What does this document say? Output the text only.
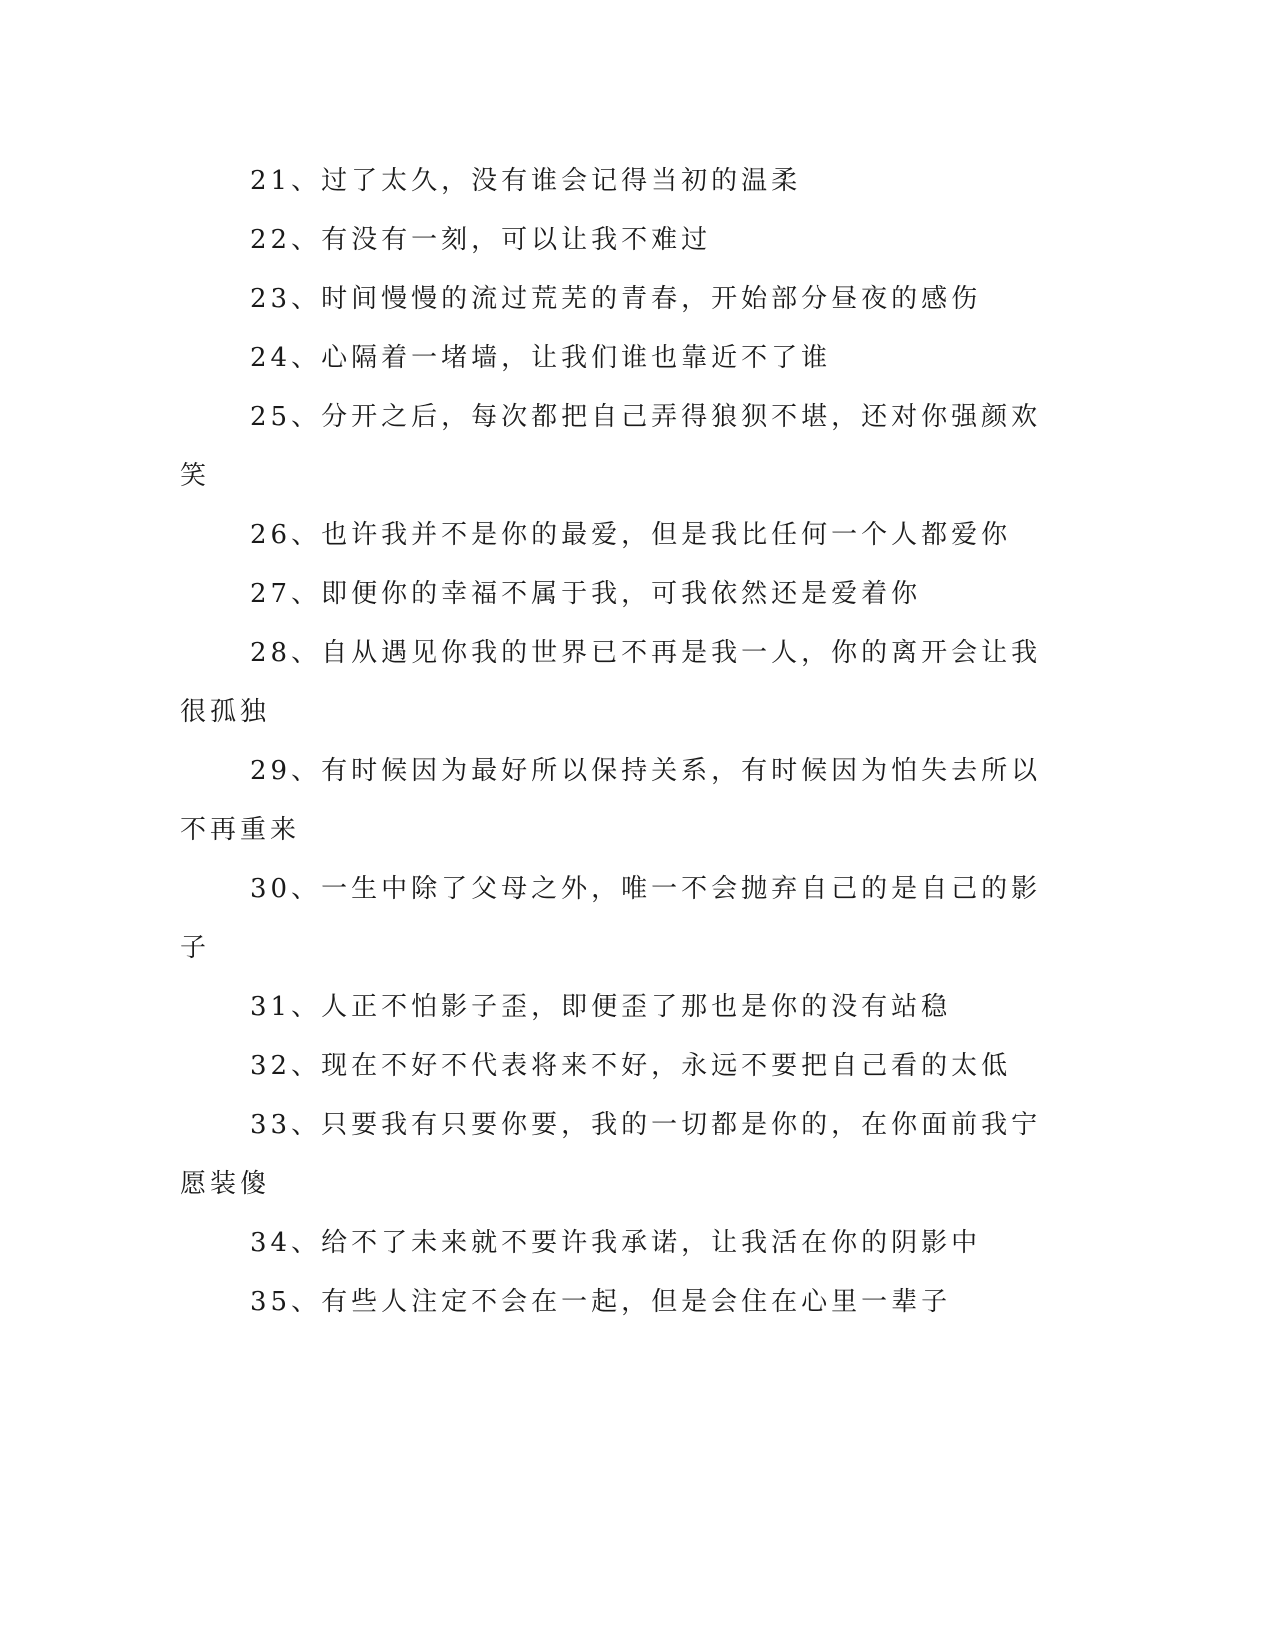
21、过了太久，没有谁会记得当初的温柔

22、有没有一刻，可以让我不难过

23、时间慢慢的流过荒芜的青春，开始部分昼夜的感伤

24、心隔着一堵墙，让我们谁也靠近不了谁

25、分开之后，每次都把自己弄得狼狈不堪，还对你强颜欢笑

26、也许我并不是你的最爱，但是我比任何一个人都爱你

27、即便你的幸福不属于我，可我依然还是爱着你

28、自从遇见你我的世界已不再是我一人，你的离开会让我很孤独

29、有时候因为最好所以保持关系，有时候因为怕失去所以不再重来

30、一生中除了父母之外，唯一不会抛弃自己的是自己的影子

31、人正不怕影子歪，即便歪了那也是你的没有站稳

32、现在不好不代表将来不好，永远不要把自己看的太低

33、只要我有只要你要，我的一切都是你的，在你面前我宁愿装傻

34、给不了未来就不要许我承诺，让我活在你的阴影中

35、有些人注定不会在一起，但是会住在心里一辈子
